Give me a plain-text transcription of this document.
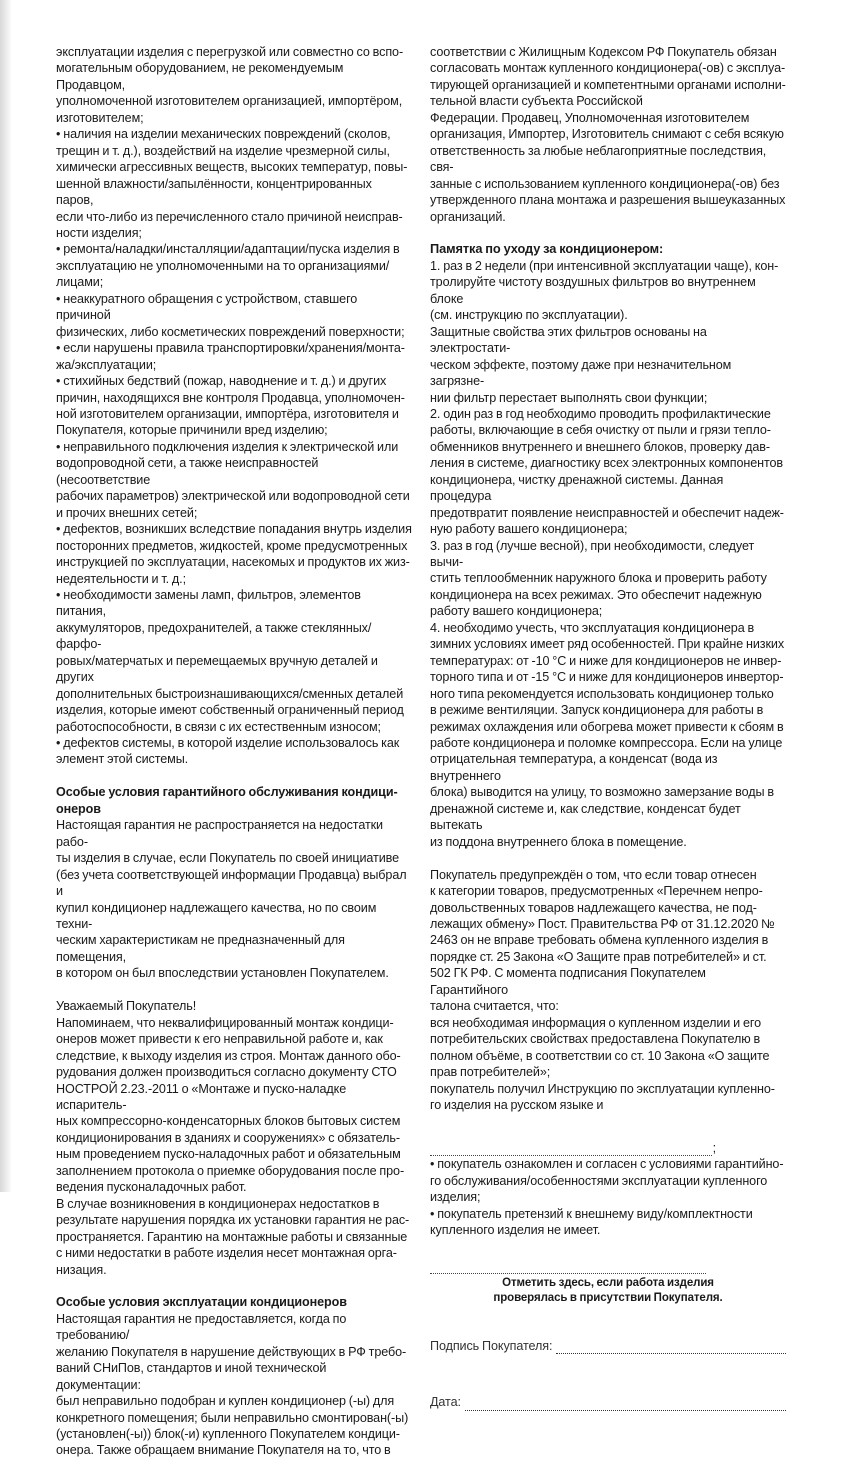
эксплуатации изделия с перегрузкой или совместно со вспо-

могательным оборудованием, не рекомендуемым Продавцом,

уполномоченной изготовителем организацией, импортёром,

изготовителем;

• наличия на изделии механических повреждений (сколов,

трещин и т. д.), воздействий на изделие чрезмерной силы,

химически агрессивных веществ, высоких температур, повы-

шенной влажности/запылённости, концентрированных паров,

если что-либо из перечисленного стало причиной неисправ-

ности изделия;

• ремонта/наладки/инсталляции/адаптации/пуска изделия в

эксплуатацию не уполномоченными на то организациями/

лицами;

• неаккуратного обращения с устройством, ставшего причиной

физических, либо косметических повреждений поверхности;

• если нарушены правила транспортировки/хранения/монта-

жа/эксплуатации;

• стихийных бедствий (пожар, наводнение и т. д.) и других

причин, находящихся вне контроля Продавца, уполномочен-

ной изготовителем организации, импортёра, изготовителя и

Покупателя, которые причинили вред изделию;

• неправильного подключения изделия к электрической или

водопроводной сети, а также неисправностей (несоответствие

рабочих параметров) электрической или водопроводной сети

и прочих внешних сетей;

• дефектов, возникших вследствие попадания внутрь изделия

посторонних предметов, жидкостей, кроме предусмотренных

инструкцией по эксплуатации, насекомых и продуктов их жиз-

недеятельности и т. д.;

• необходимости замены ламп, фильтров, элементов питания,

аккумуляторов, предохранителей, а также стеклянных/фарфо-

ровых/матерчатых и перемещаемых вручную деталей и других

дополнительных быстроизнашивающихся/сменных деталей

изделия, которые имеют собственный ограниченный период

работоспособности, в связи с их естественным износом;

• дефектов системы, в которой изделие использовалось как

элемент этой системы.

Особые условия гарантийного обслуживания кондици-

онеров

Настоящая гарантия не распространяется на недостатки рабо-

ты изделия в случае, если Покупатель по своей инициативе

(без учета соответствующей информации Продавца) выбрал и

купил кондиционер надлежащего качества, но по своим техни-

ческим характеристикам не предназначенный для помещения,

в котором он был впоследствии установлен Покупателем.

Уважаемый Покупатель!

Напоминаем, что неквалифицированный монтаж кондици-

онеров может привести к его неправильной работе и, как

следствие, к выходу изделия из строя. Монтаж данного обо-

рудования должен производиться согласно документу СТО

НОСТРОЙ 2.23.-2011 о «Монтаже и пуско-наладке испаритель-

ных компрессорно-конденсаторных блоков бытовых систем

кондиционирования в зданиях и сооружениях» с обязатель-

ным проведением пуско-наладочных работ и обязательным

заполнением протокола о приемке оборудования после про-

ведения пусконаладочных работ.

В случае возникновения в кондиционерах недостатков в

результате нарушения порядка их установки гарантия не рас-

пространяется. Гарантию на монтажные работы и связанные

с ними недостатки в работе изделия несет монтажная орга-

низация.

Особые условия эксплуатации кондиционеров

Настоящая гарантия не предоставляется, когда по требованию/

желанию Покупателя в нарушение действующих в РФ требо-

ваний СНиПов, стандартов и иной технической документации:

был неправильно подобран и куплен кондиционер (-ы) для

конкретного помещения; были неправильно смонтирован(-ы)

(установлен(-ы)) блок(-и) купленного Покупателем кондици-

онера. Также обращаем внимание Покупателя на то, что в

соответствии с Жилищным Кодексом РФ Покупатель обязан

согласовать монтаж купленного кондиционера(-ов) с эксплуа-

тирующей организацией и компетентными органами исполни-

тельной власти субъекта Российской

Федерации. Продавец, Уполномоченная изготовителем

организация, Импортер, Изготовитель снимают с себя всякую

ответственность за любые неблагоприятные последствия, свя-

занные с использованием купленного кондиционера(-ов) без

утвержденного плана монтажа и разрешения вышеуказанных

организаций.

Памятка по уходу за кондиционером:

1. раз в 2 недели (при интенсивной эксплуатации чаще), кон-

тролируйте чистоту воздушных фильтров во внутреннем блоке

(см. инструкцию по эксплуатации).

Защитные свойства этих фильтров основаны на электростати-

ческом эффекте, поэтому даже при незначительном загрязне-

нии фильтр перестает выполнять свои функции;

2. один раз в год необходимо проводить профилактические

работы, включающие в себя очистку от пыли и грязи тепло-

обменников внутреннего и внешнего блоков, проверку дав-

ления в системе, диагностику всех электронных компонентов

кондиционера, чистку дренажной системы. Данная процедура

предотвратит появление неисправностей и обеспечит надеж-

ную работу вашего кондиционера;

3. раз в год (лучше весной), при необходимости, следует вычи-

стить теплообменник наружного блока и проверить работу

кондиционера на всех режимах. Это обеспечит надежную

работу вашего кондиционера;

4. необходимо учесть, что эксплуатация кондиционера в

зимних условиях имеет ряд особенностей. При крайне низких

температурах: от -10 °С и ниже для кондиционеров не инвер-

торного типа и от -15 °С и ниже для кондиционеров инвертор-

ного типа рекомендуется использовать кондиционер только

в режиме вентиляции. Запуск кондиционера для работы в

режимах охлаждения или обогрева может привести к сбоям в

работе кондиционера и поломке компрессора. Если на улице

отрицательная температура, а конденсат (вода из внутреннего

блока) выводится на улицу, то возможно замерзание воды в

дренажной системе и, как следствие, конденсат будет вытекать

из поддона внутреннего блока в помещение.

Покупатель предупреждён о том, что если товар отнесен

к категории товаров, предусмотренных «Перечнем непро-

довольственных товаров надлежащего качества, не под-

лежащих обмену» Пост. Правительства РФ от 31.12.2020 №

2463 он не вправе требовать обмена купленного изделия в

порядке ст. 25 Закона «О Защите прав потребителей» и ст.

502 ГК РФ. С момента подписания Покупателем Гарантийного

талона считается, что:

вся необходимая информация о купленном изделии и его

потребительских свойствах предоставлена Покупателю в

полном объёме, в соответствии со ст. 10 Закона «О защите

прав потребителей»;

покупатель получил Инструкцию по эксплуатации купленно-

го изделия на русском языке и

;

• покупатель ознакомлен и согласен с условиями гарантийно-

го обслуживания/особенностями эксплуатации купленного

изделия;

• покупатель претензий к внешнему виду/комплектности

купленного изделия не имеет.

Отметить здесь, если работа изделия

проверялась в присутствии Покупателя.

Подпись Покупателя:
Дата:
